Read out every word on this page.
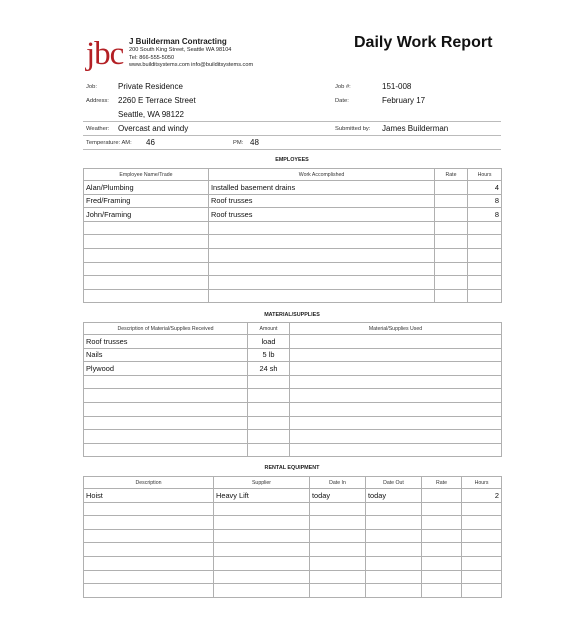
jbc J Builderman Contracting
200 South King Street, Seattle WA 98104
Tel: 866-555-5050
www.builditsystems.com info@builditsystems.com
Daily Work Report
Job:	Private Residence	Job #:	151-008
Address: 2260 E Terrace Street	Date:	February 17
Seattle, WA 98122
Weather: Overcast and windy	Submitted by: James Builderman
Temperature: AM: 46	PM: 48
EMPLOYEES
Employee Name/Trade	Work Accomplished	Rate	Hours
Alan/Plumbing	Installed basement drains		4
Fred/Framing	Roof trusses		8
John/Framing	Roof trusses		8

MATERIAL/SUPPLIES
Description of Material/Supplies Received	Amount	Material/Supplies Used
Roof trusses	load	
Nails	5 lb	
Plywood	24 sh	

RENTAL EQUIPMENT
Description	Supplier	Date In	Date Out	Rate	Hours
Hoist	Heavy Lift	today	today		2
